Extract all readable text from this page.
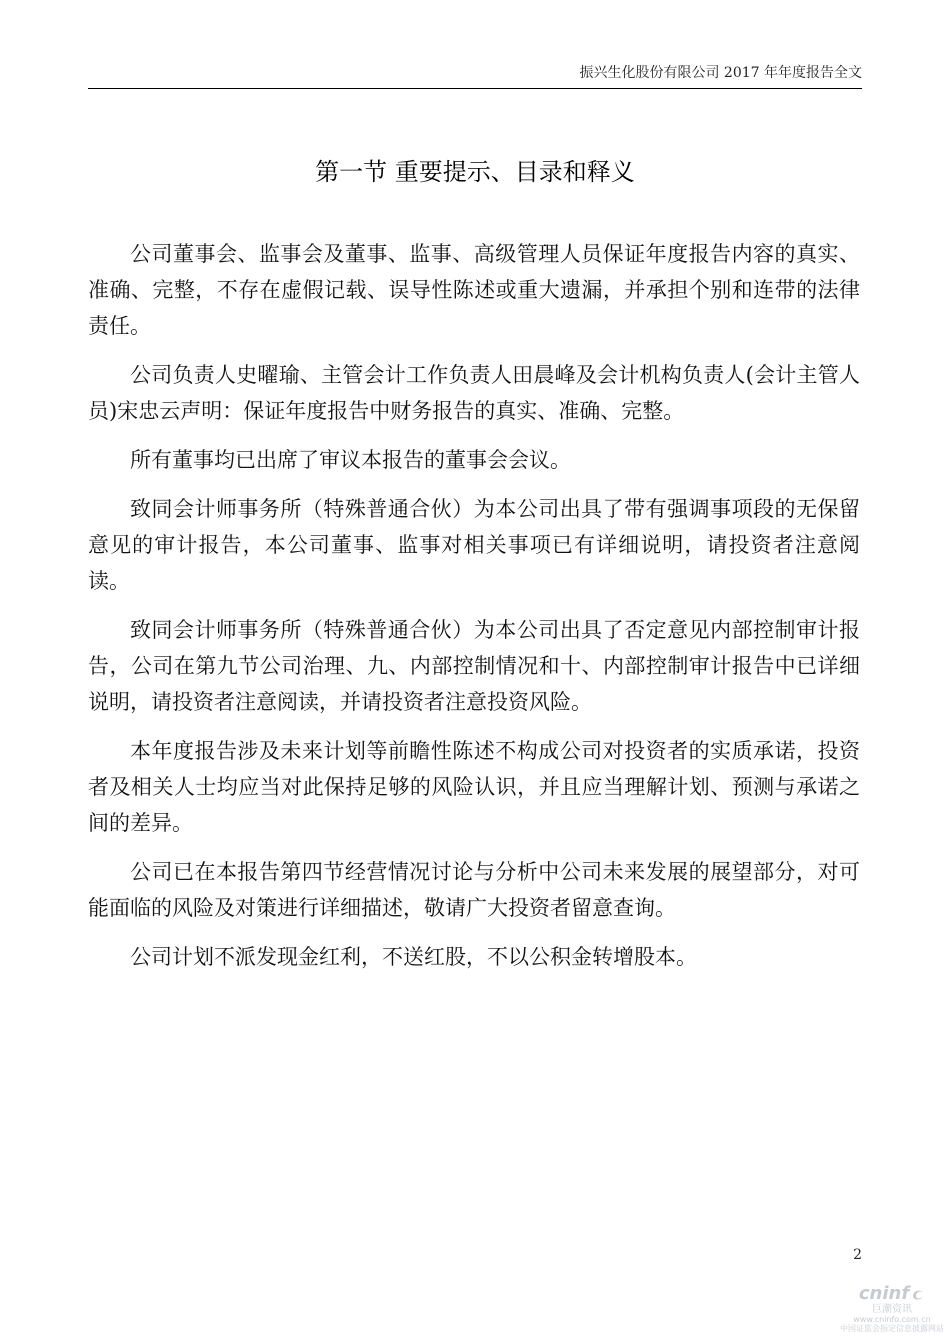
振兴生化股份有限公司 2017 年年度报告全文
第一节 重要提示、目录和释义

公司董事会、监事会及董事、监事、高级管理人员保证年度报告内容的真实、准确、完整，不存在虚假记载、误导性陈述或重大遗漏，并承担个别和连带的法律责任。

公司负责人史曜瑜、主管会计工作负责人田晨峰及会计机构负责人(会计主管人员)宋忠云声明：保证年度报告中财务报告的真实、准确、完整。

所有董事均已出席了审议本报告的董事会会议。

致同会计师事务所（特殊普通合伙）为本公司出具了带有强调事项段的无保留意见的审计报告，本公司董事、监事对相关事项已有详细说明，请投资者注意阅读。

致同会计师事务所（特殊普通合伙）为本公司出具了否定意见内部控制审计报告，公司在第九节公司治理、九、内部控制情况和十、内部控制审计报告中已详细说明，请投资者注意阅读，并请投资者注意投资风险。

本年度报告涉及未来计划等前瞻性陈述不构成公司对投资者的实质承诺，投资者及相关人士均应当对此保持足够的风险认识，并且应当理解计划、预测与承诺之间的差异。

公司已在本报告第四节经营情况讨论与分析中公司未来发展的展望部分，对可能面临的风险及对策进行详细描述，敬请广大投资者留意查询。

公司计划不派发现金红利，不送红股，不以公积金转增股本。

2
cninf
巨潮资讯
www.cninfo.com.cn
中国证监会指定信息披露网站
